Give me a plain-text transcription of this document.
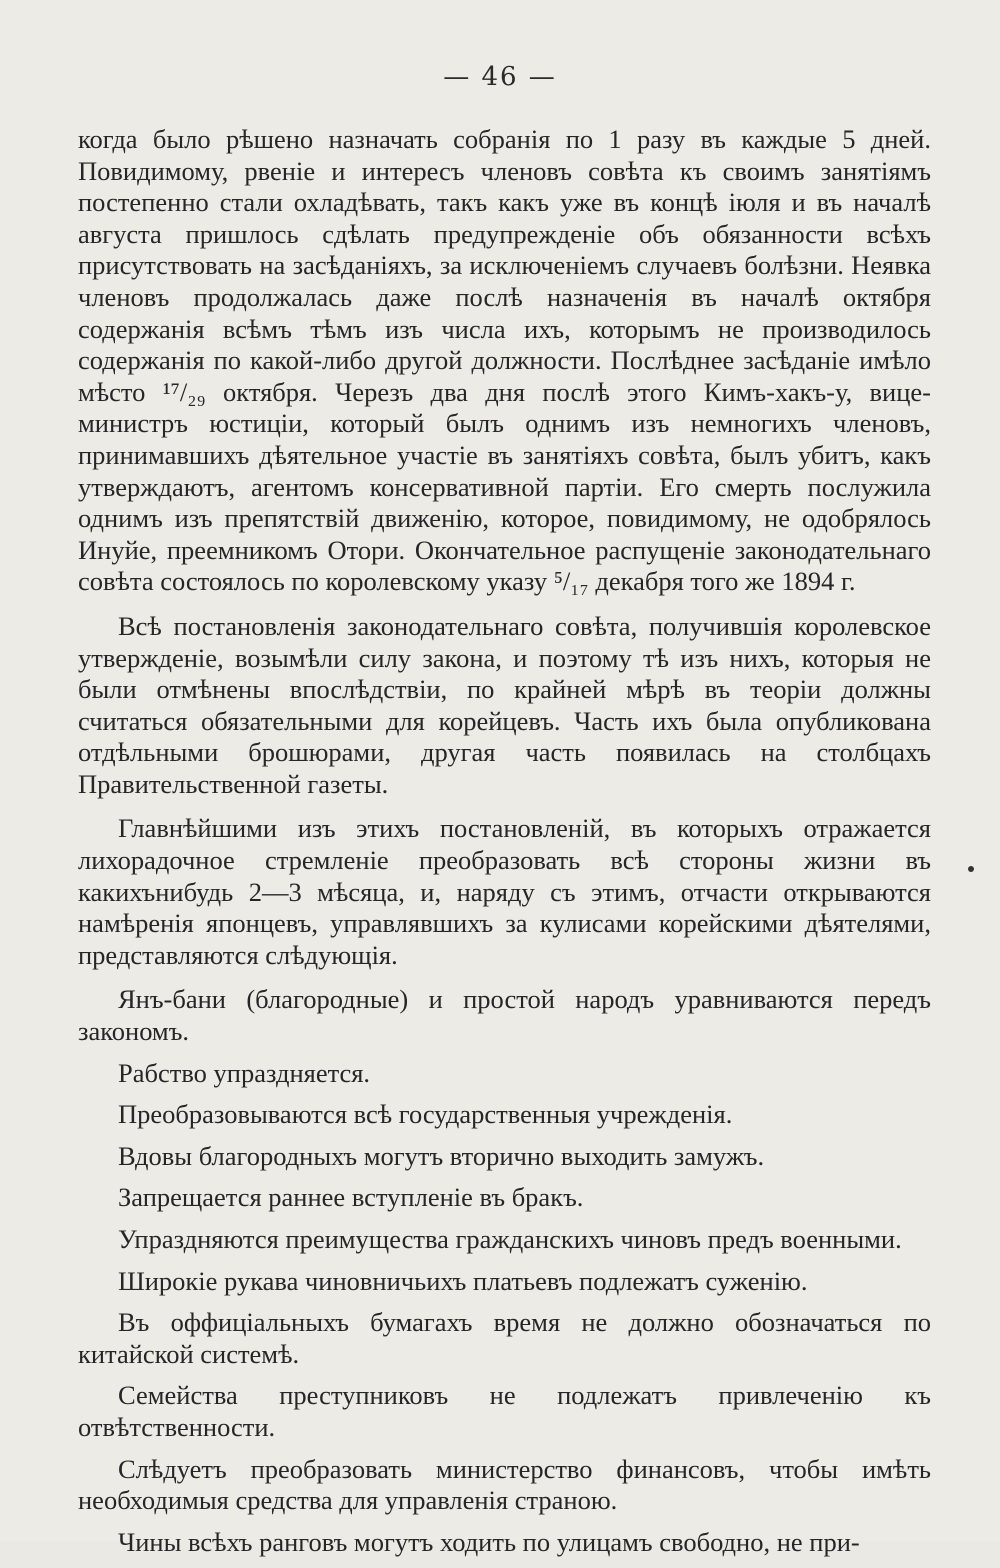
— 46 —

когда было рѣшено назначать собранія по 1 разу въ каждые 5 дней. Повидимому, рвеніе и интересъ членовъ совѣта къ своимъ занятіямъ постепенно стали охладѣвать, такъ какъ уже въ концѣ іюля и въ началѣ августа пришлось сдѣлать предупрежденіе объ обязанности всѣхъ присутствовать на засѣданіяхъ, за исключеніемъ случаевъ болѣзни. Неявка членовъ продолжалась даже послѣ назначенія въ началѣ октября содержанія всѣмъ тѣмъ изъ числа ихъ, которымъ не производилось содержанія по какой-либо другой должности. Послѣднее засѣданіе имѣло мѣсто ¹⁷/₂₉ октября. Черезъ два дня послѣ этого Кимъ-хакъ-у, вице-министръ юстиціи, который былъ однимъ изъ немногихъ членовъ, принимавшихъ дѣятельное участіе въ занятіяхъ совѣта, былъ убитъ, какъ утверждаютъ, агентомъ консервативной партіи. Его смерть послужила однимъ изъ препятствій движенію, которое, повидимому, не одобрялось Инуйе, преемникомъ Отори. Окончательное распущеніе законодательнаго совѣта состоялось по королевскому указу ⁵/₁₇ декабря того же 1894 г.

Всѣ постановленія законодательнаго совѣта, получившія королевское утвержденіе, возымѣли силу закона, и поэтому тѣ изъ нихъ, которыя не были отмѣнены впослѣдствіи, по крайней мѣрѣ въ теоріи должны считаться обязательными для корейцевъ. Часть ихъ была опубликована отдѣльными брошюрами, другая часть появилась на столбцахъ Правительственной газеты.

Главнѣйшими изъ этихъ постановленій, въ которыхъ отражается лихорадочное стремленіе преобразовать всѣ стороны жизни въ какихънибудь 2—3 мѣсяца, и, наряду съ этимъ, отчасти открываются намѣренія японцевъ, управлявшихъ за кулисами корейскими дѣятелями, представляются слѣдующія.

Янъ-бани (благородные) и простой народъ уравниваются передъ закономъ.

Рабство упраздняется.

Преобразовываются всѣ государственныя учрежденія.

Вдовы благородныхъ могутъ вторично выходить замужъ.

Запрещается раннее вступленіе въ бракъ.

Упраздняются преимущества гражданскихъ чиновъ предъ военными.

Широкіе рукава чиновничьихъ платьевъ подлежатъ суженію.

Въ оффиціальныхъ бумагахъ время не должно обозначаться по китайской системѣ.

Семейства преступниковъ не подлежатъ привлеченію къ отвѣтственности.

Слѣдуетъ преобразовать министерство финансовъ, чтобы имѣть необходимыя средства для управленія страною.

Чины всѣхъ ранговъ могутъ ходить по улицамъ свободно, не при-
